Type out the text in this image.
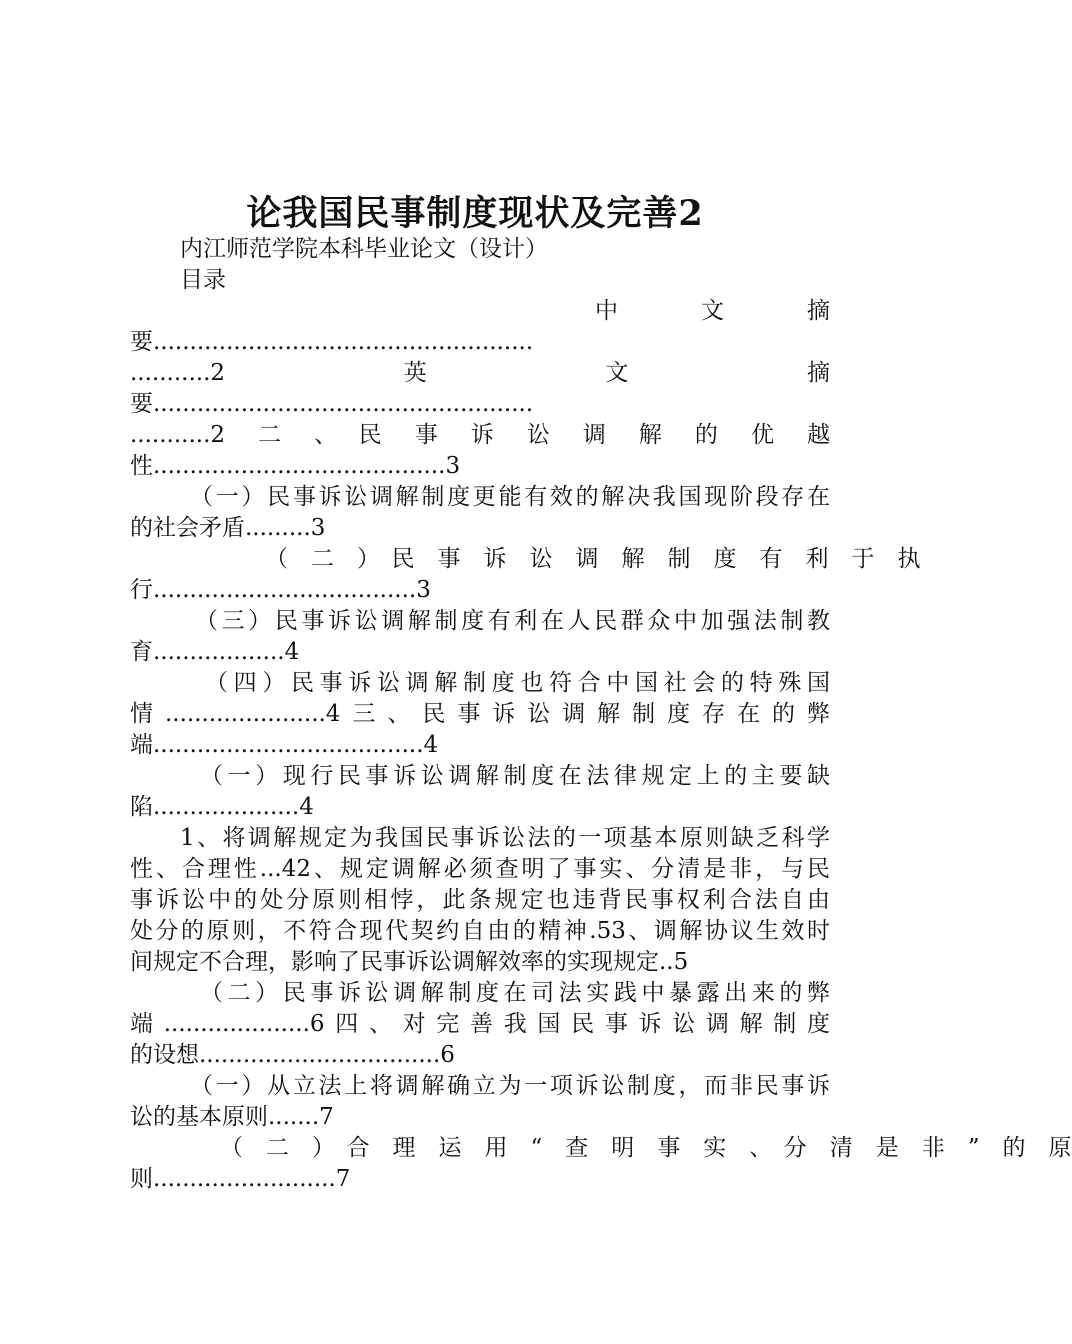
论我国民事制度现状及完善2
内江师范学院本科毕业论文（设计）
目录
中　文　摘
要....................................................
...........2　英　文　摘
要....................................................
...........2　二　、　民　事　诉　讼　调　解　的　优　越
性........................................3
（一）民事诉讼调解制度更能有效的解决我国现阶段存在
的社会矛盾.........3
（　二　）　民　事　诉　讼　调　解　制　度　有　利　于　执
行....................................3
（三）民事诉讼调解制度有利在人民群众中加强法制教
育..................4
（四）民事诉讼调解制度也符合中国社会的特殊国
情......................4三、民事诉讼调解制度存在的弊
端.....................................4
（一）现行民事诉讼调解制度在法律规定上的主要缺
陷....................4
1、将调解规定为我国民事诉讼法的一项基本原则缺乏科学
性、合理性...42、规定调解必须查明了事实、分清是非，与民
事诉讼中的处分原则相悖，此条规定也违背民事权利合法自由
处分的原则，不符合现代契约自由的精神.53、调解协议生效时
间规定不合理，影响了民事诉讼调解效率的实现规定..5
（二）民事诉讼调解制度在司法实践中暴露出来的弊
端....................6四、对完善我国民事诉讼调解制度
的设想.................................6
（一）从立法上将调解确立为一项诉讼制度，而非民事诉
讼的基本原则.......7
（　二　）　合　理　运　用　“　查　明　事　实　、　分　清　是　非　”　的　原
则.........................7
